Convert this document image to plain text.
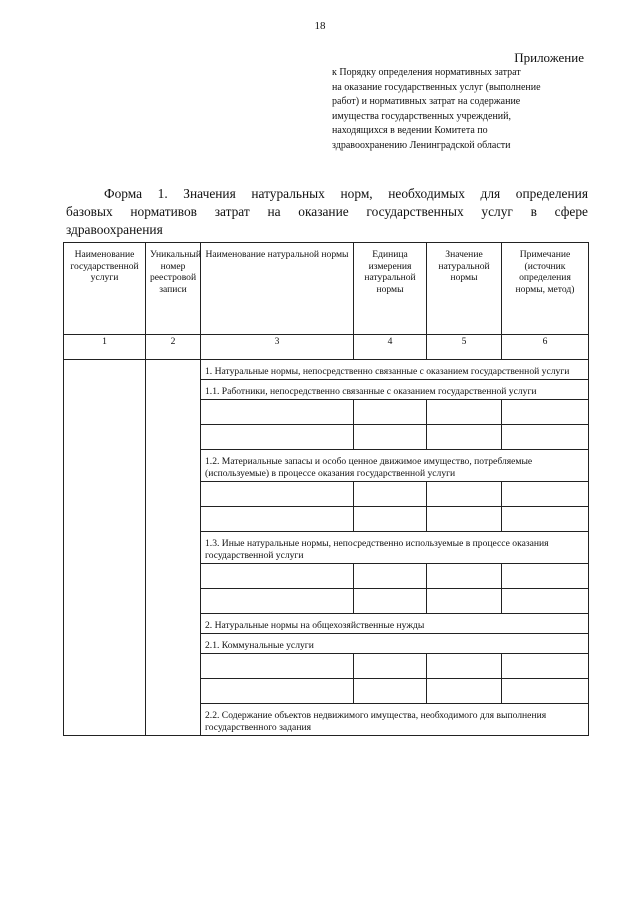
18
Приложение
к Порядку определения нормативных затрат
на оказание государственных услуг (выполнение
работ) и нормативных затрат на содержание
имущества государственных учреждений,
находящихся в ведении Комитета по
здравоохранению Ленинградской области
Форма 1. Значения натуральных норм, необходимых для определения
базовых нормативов затрат на оказание государственных услуг в сфере
здравоохранения
Наименование государственной услуги	Уникальный номер реестровой записи	Наименование натуральной нормы	Единица измерения натуральной нормы	Значение натуральной нормы	Примечание (источник определения нормы, метод)
1	2	3	4	5	6
		1. Натуральные нормы, непосредственно связанные с оказанием государственной услуги			
		1.1. Работники, непосредственно связанные с оказанием государственной услуги			

		1.2. Материальные запасы и особо ценное движимое имущество, потребляемые (используемые) в процессе оказания государственной услуги			

		1.3. Иные натуральные нормы, непосредственно используемые в процессе оказания государственной услуги			

		2. Натуральные нормы на общехозяйственные нужды			
		2.1. Коммунальные услуги			

		2.2. Содержание объектов недвижимого имущества, необходимого для выполнения государственного задания			
